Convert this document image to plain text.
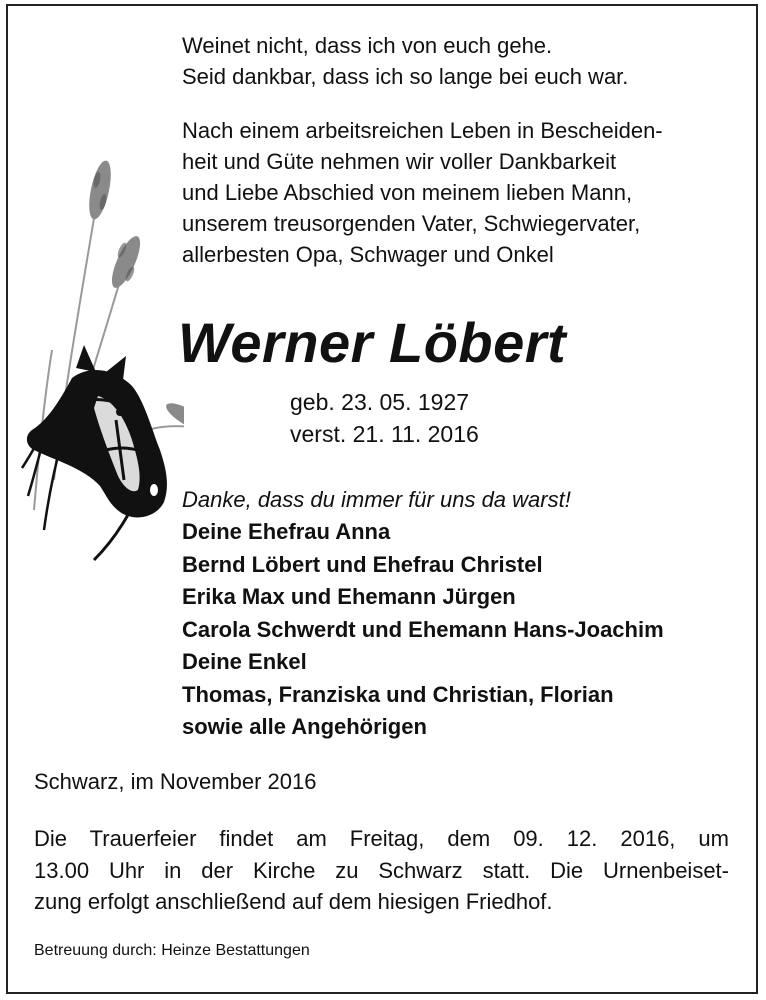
Weinet nicht, dass ich von euch gehe.
Seid dankbar, dass ich so lange bei euch war.

Nach einem arbeitsreichen Leben in Bescheiden-
heit und Güte nehmen wir voller Dankbarkeit
und Liebe Abschied von meinem lieben Mann,
unserem treusorgenden Vater, Schwiegervater,
allerbesten Opa, Schwager und Onkel

Werner Löbert

geb. 23. 05. 1927
verst. 21. 11. 2016

Danke, dass du immer für uns da warst!

Deine Ehefrau Anna
Bernd Löbert und Ehefrau Christel
Erika Max und Ehemann Jürgen
Carola Schwerdt und Ehemann Hans-Joachim
Deine Enkel
Thomas, Franziska und Christian, Florian
sowie alle Angehörigen

Schwarz, im November 2016

Die Trauerfeier findet am Freitag, dem 09. 12. 2016, um
13.00 Uhr in der Kirche zu Schwarz statt. Die Urnenbeiset-
zung erfolgt anschließend auf dem hiesigen Friedhof.

Betreuung durch: Heinze Bestattungen
